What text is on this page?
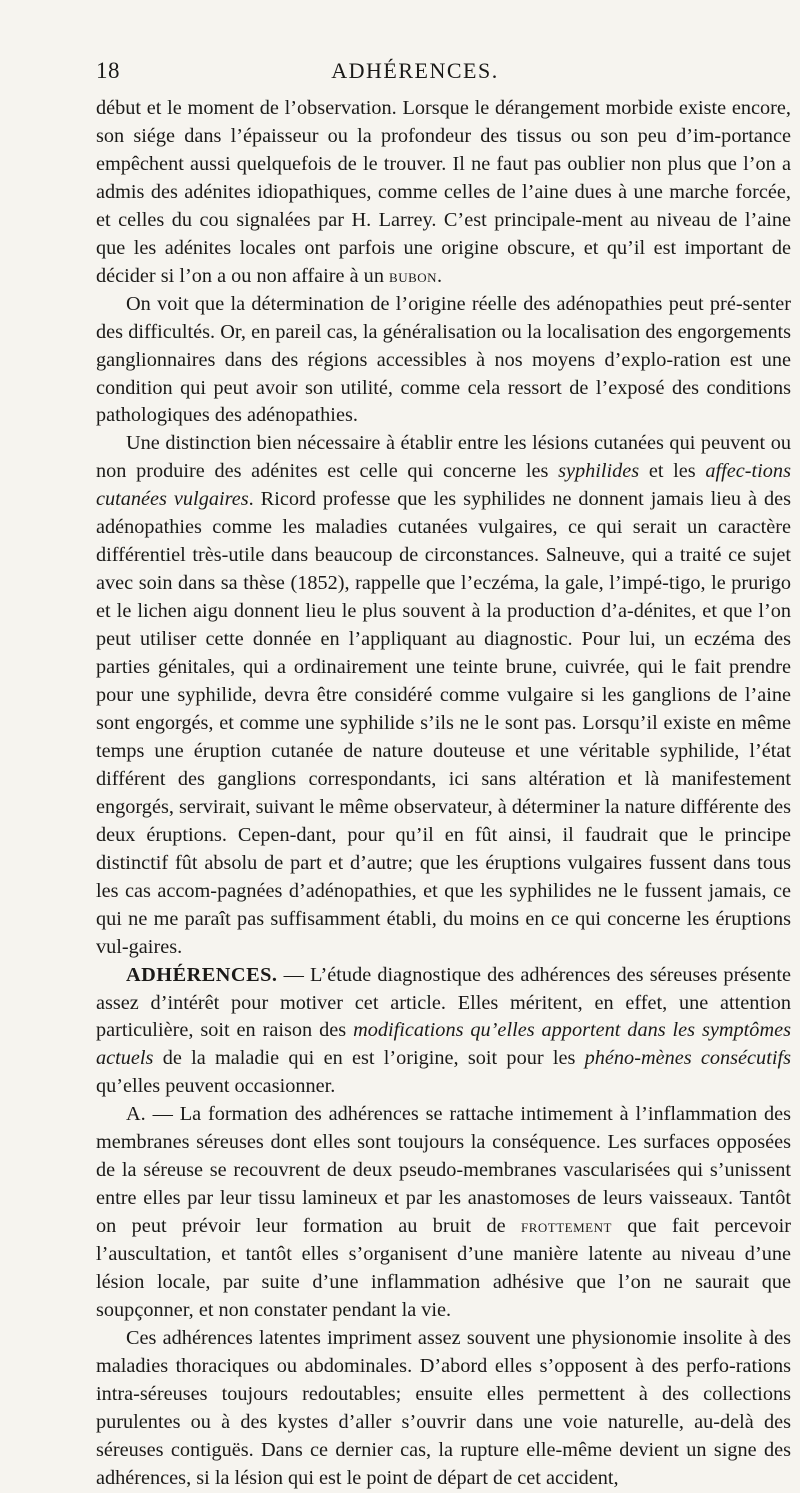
18	ADHÉRENCES.

début et le moment de l’observation. Lorsque le dérangement morbide existe encore, son siége dans l’épaisseur ou la profondeur des tissus ou son peu d’im-portance empêchent aussi quelquefois de le trouver. Il ne faut pas oublier non plus que l’on a admis des adénites idiopathiques, comme celles de l’aine dues à une marche forcée, et celles du cou signalées par H. Larrey. C’est principale-ment au niveau de l’aine que les adénites locales ont parfois une origine obscure, et qu’il est important de décider si l’on a ou non affaire à un bubon.

On voit que la détermination de l’origine réelle des adénopathies peut pré-senter des difficultés. Or, en pareil cas, la généralisation ou la localisation des engorgements ganglionnaires dans des régions accessibles à nos moyens d’explo-ration est une condition qui peut avoir son utilité, comme cela ressort de l’exposé des conditions pathologiques des adénopathies.

Une distinction bien nécessaire à établir entre les lésions cutanées qui peuvent ou non produire des adénites est celle qui concerne les syphilides et les affec-tions cutanées vulgaires. Ricord professe que les syphilides ne donnent jamais lieu à des adénopathies comme les maladies cutanées vulgaires, ce qui serait un caractère différentiel très-utile dans beaucoup de circonstances. Salneuve, qui a traité ce sujet avec soin dans sa thèse (1852), rappelle que l’eczéma, la gale, l’impé-tigo, le prurigo et le lichen aigu donnent lieu le plus souvent à la production d’a-dénites, et que l’on peut utiliser cette donnée en l’appliquant au diagnostic. Pour lui, un eczéma des parties génitales, qui a ordinairement une teinte brune, cuivrée, qui le fait prendre pour une syphilide, devra être considéré comme vulgaire si les ganglions de l’aine sont engorgés, et comme une syphilide s’ils ne le sont pas. Lorsqu’il existe en même temps une éruption cutanée de nature douteuse et une véritable syphilide, l’état différent des ganglions correspondants, ici sans altération et là manifestement engorgés, servirait, suivant le même observateur, à déterminer la nature différente des deux éruptions. Cepen-dant, pour qu’il en fût ainsi, il faudrait que le principe distinctif fût absolu de part et d’autre; que les éruptions vulgaires fussent dans tous les cas accom-pagnées d’adénopathies, et que les syphilides ne le fussent jamais, ce qui ne me paraît pas suffisamment établi, du moins en ce qui concerne les éruptions vul-gaires.

ADHÉRENCES. — L’étude diagnostique des adhérences des séreuses présente assez d’intérêt pour motiver cet article. Elles méritent, en effet, une attention particulière, soit en raison des modifications qu’elles apportent dans les symptômes actuels de la maladie qui en est l’origine, soit pour les phéno-mènes consécutifs qu’elles peuvent occasionner.

A. — La formation des adhérences se rattache intimement à l’inflammation des membranes séreuses dont elles sont toujours la conséquence. Les surfaces opposées de la séreuse se recouvrent de deux pseudo-membranes vascularisées qui s’unissent entre elles par leur tissu lamineux et par les anastomoses de leurs vaisseaux. Tantôt on peut prévoir leur formation au bruit de frottement que fait percevoir l’auscultation, et tantôt elles s’organisent d’une manière latente au niveau d’une lésion locale, par suite d’une inflammation adhésive que l’on ne saurait que soupçonner, et non constater pendant la vie.

Ces adhérences latentes impriment assez souvent une physionomie insolite à des maladies thoraciques ou abdominales. D’abord elles s’opposent à des perfo-rations intra-séreuses toujours redoutables; ensuite elles permettent à des collections purulentes ou à des kystes d’aller s’ouvrir dans une voie naturelle, au-delà des séreuses contiguës. Dans ce dernier cas, la rupture elle-même devient un signe des adhérences, si la lésion qui est le point de départ de cet accident,
